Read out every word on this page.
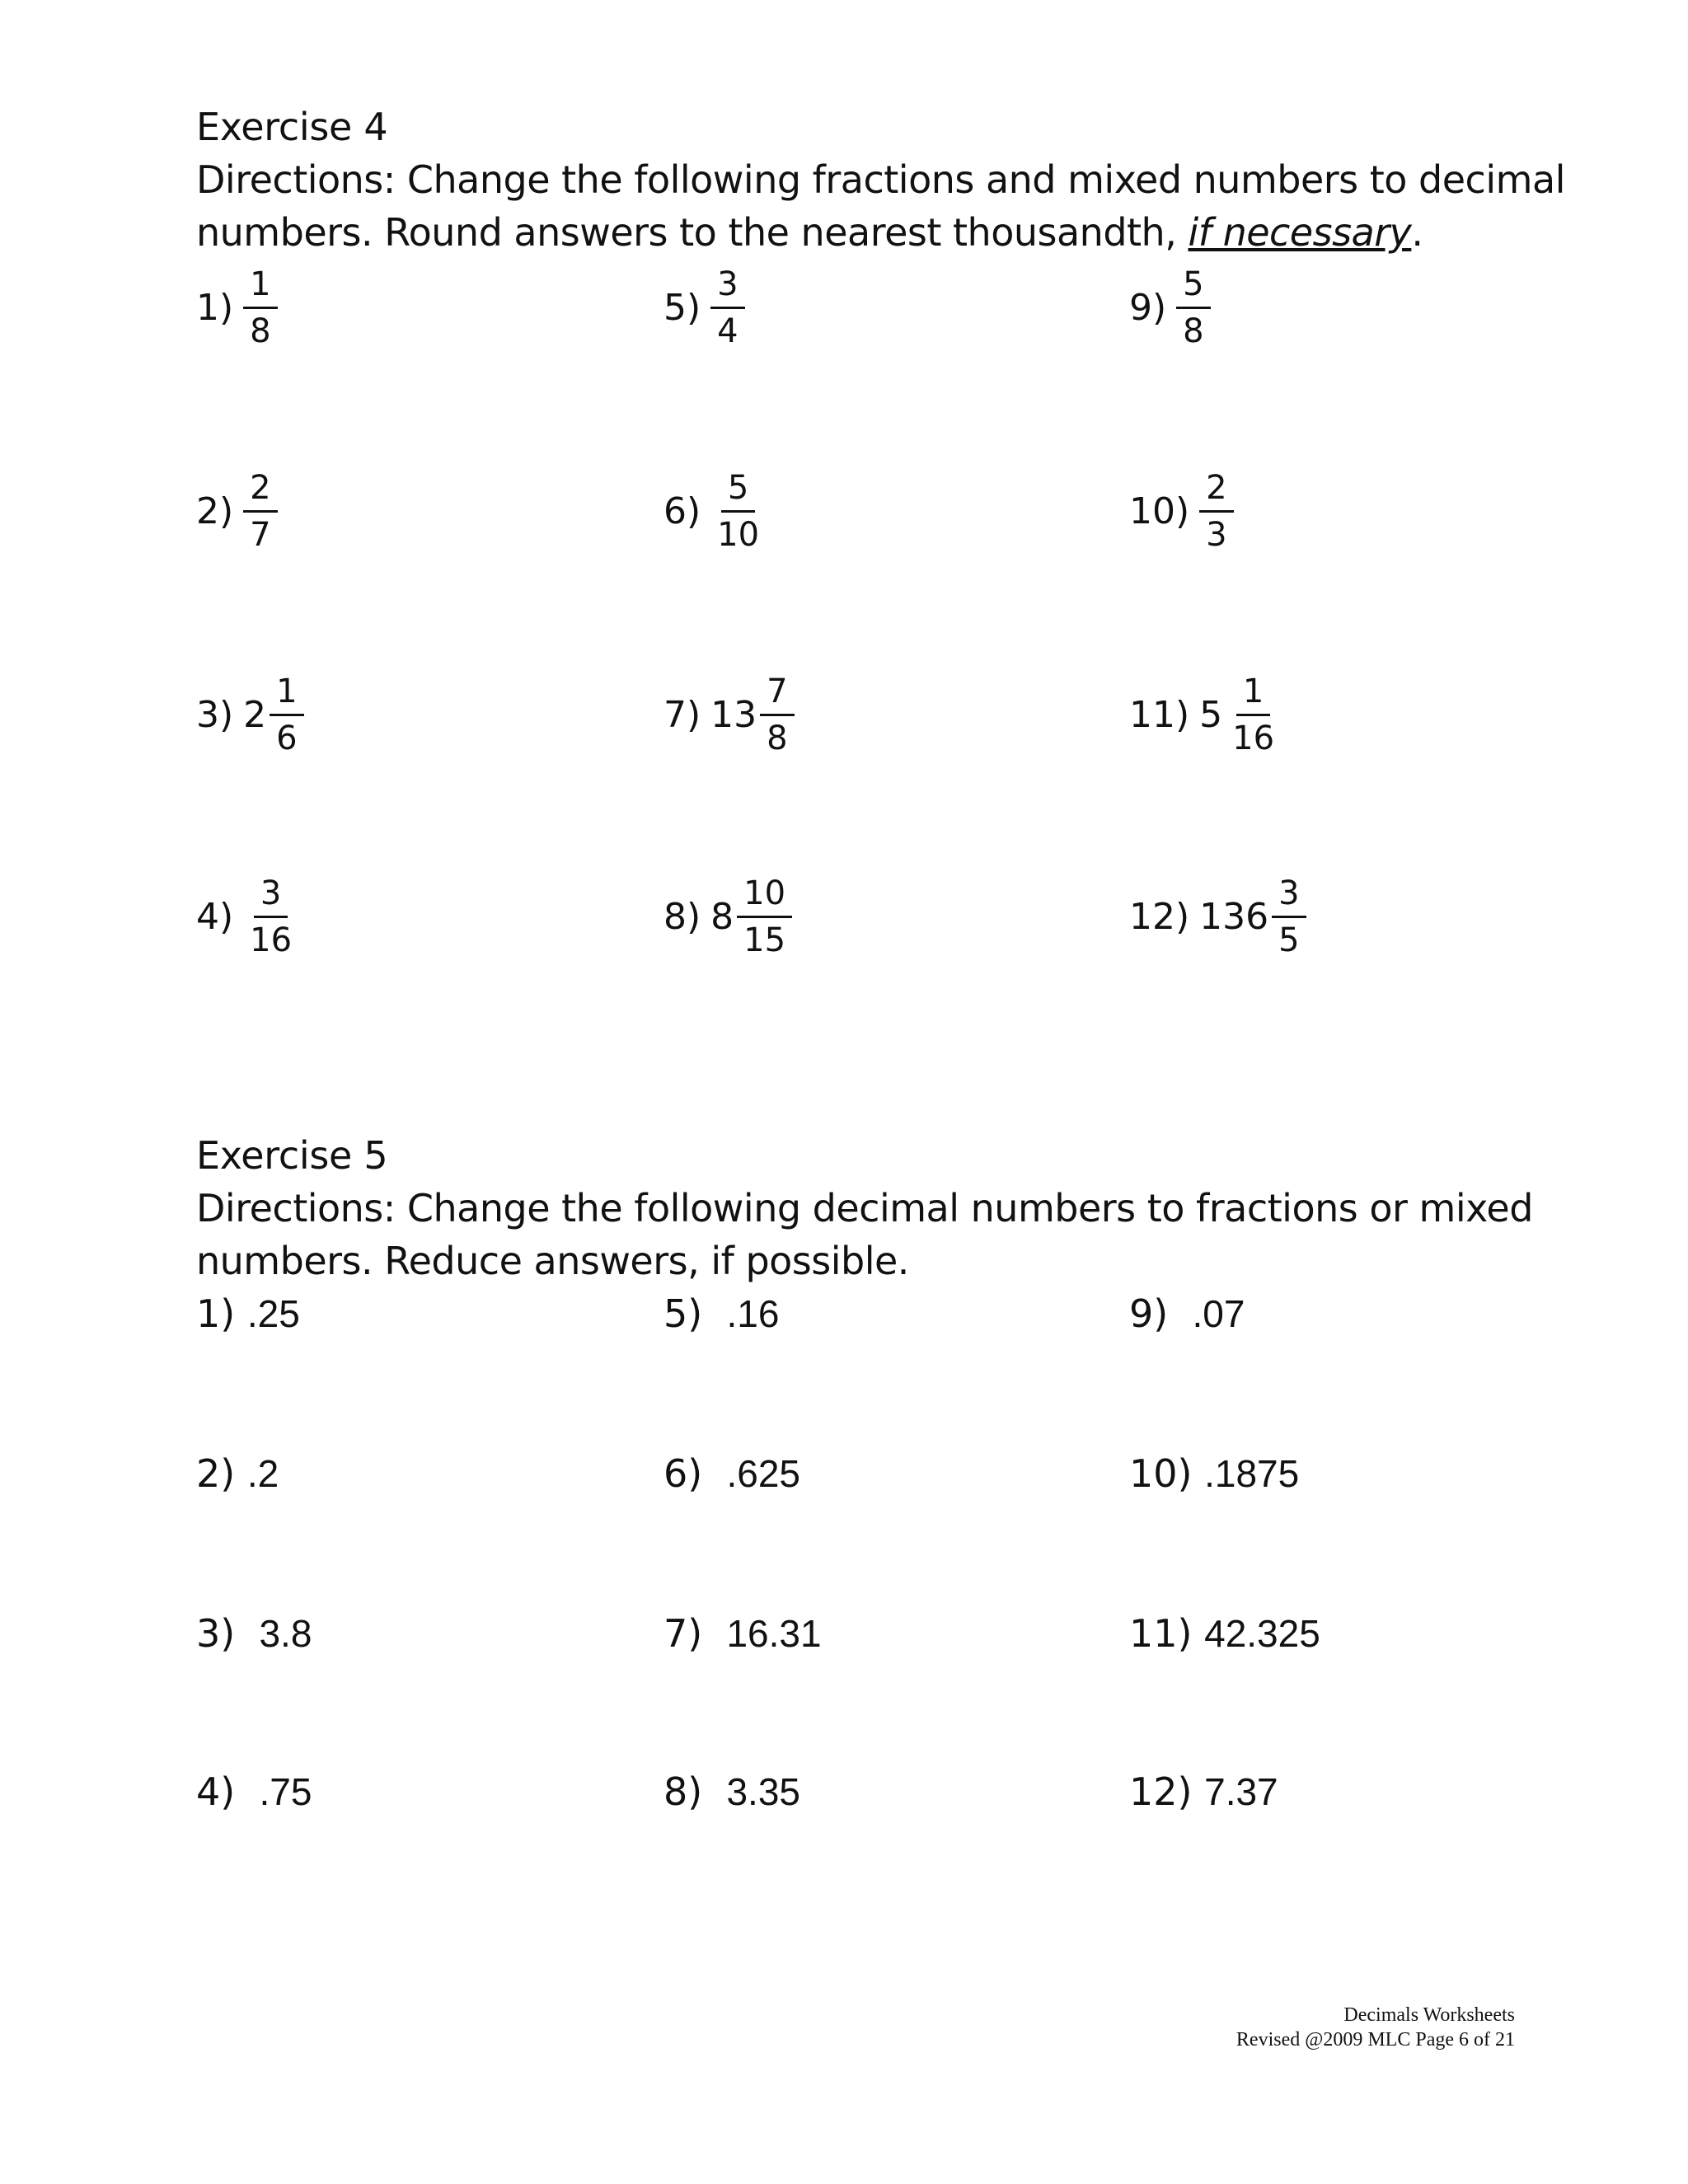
Exercise 4
Directions: Change the following fractions and mixed numbers to decimal
numbers. Round answers to the nearest thousandth, if necessary.
$1) \frac{1}{8}$
$2) \frac{2}{7}$
3) $2 \frac{1}{6}$
$4) \frac{3}{16}$
$5) \frac{3}{4}$
$6) \frac{5}{10}$
7) $13 \frac{7}{8}$
8) $8 \frac{10}{15}$
$9) \frac{5}{8}$
$10) \frac{2}{3}$
11) $5 \frac{1}{16}$
12) $136 \frac{3}{5}$
Exercise 5
Directions: Change the following decimal numbers to fractions or mixed
numbers. Reduce answers, if possible.
1) .25
2) .2
3) 3.8
4) .75
5) .16
6) .625
7) 16.31
8) 3.35
9) .07
10) .1875
11) 42.325
12) 7.37
Decimals Worksheets
Revised @2009 MLC Page 6 of 21
